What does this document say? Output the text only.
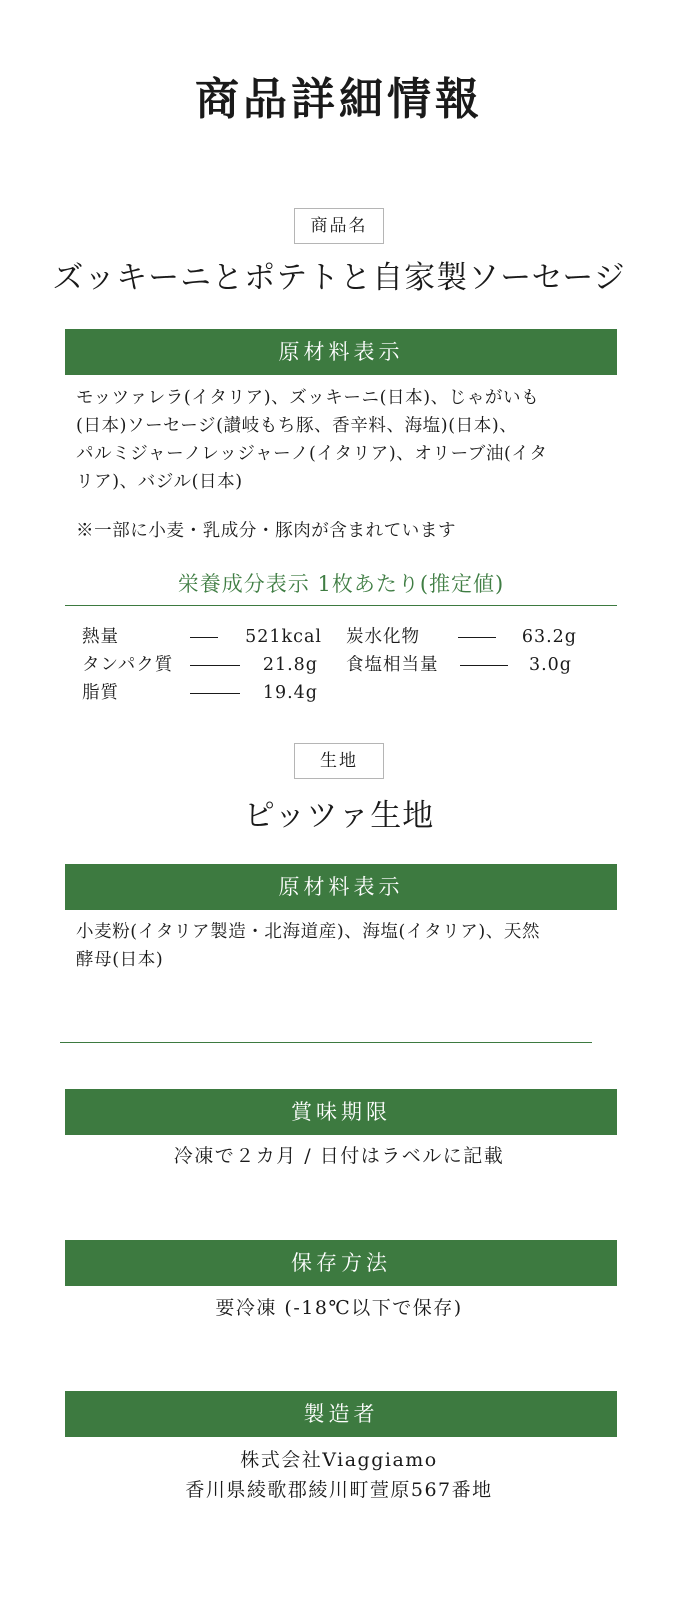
商品詳細情報
商品名
ズッキーニとポテトと自家製ソーセージ
原材料表示
モッツァレラ(イタリア)、ズッキーニ(日本)、じゃがいも
(日本)ソーセージ(讃岐もち豚、香辛料、海塩)(日本)、
パルミジャーノレッジャーノ(イタリア)、オリーブ油(イタ
リア)、バジル(日本)
※一部に小麦・乳成分・豚肉が含まれています
栄養成分表示 1枚あたり(推定値)
熱量	521kcal 炭水化物	63.2g
タンパク質	21.8g 食塩相当量	3.0g
脂質	19.4g
生地
ピッツァ生地
原材料表示
小麦粉(イタリア製造・北海道産)、海塩(イタリア)、天然
酵母(日本)
賞味期限
冷凍で２カ月 / 日付はラベルに記載
保存方法
要冷凍 (-18℃以下で保存)
製造者
株式会社Viaggiamo
香川県綾歌郡綾川町萱原567番地
